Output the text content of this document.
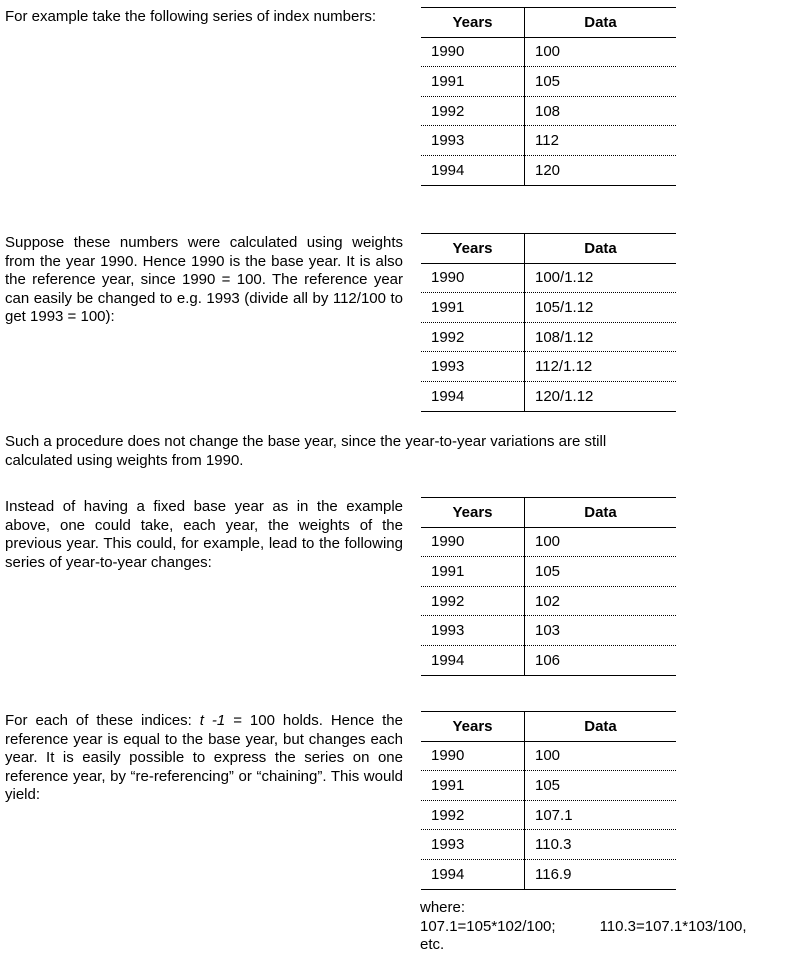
For example take the following series of index numbers:	Years	Data
1990	100
1991	105
1992	108
1993	112
1994	120

Suppose these numbers were calculated using weights from the year 1990. Hence 1990 is the base year. It is also the reference year, since 1990 = 100. The reference year can easily be changed to e.g. 1993 (divide all by 112/100 to get 1993 = 100):

Years	Data
1990	100/1.12
1991	105/1.12
1992	108/1.12
1993	112/1.12
1994	120/1.12

Such a procedure does not change the base year, since the year-to-year variations are still calculated using weights from 1990.

Instead of having a fixed base year as in the example above, one could take, each year, the weights of the previous year. This could, for example, lead to the following series of year-to-year changes:

Years	Data
1990	100
1991	105
1992	102
1993	103
1994	106

For each of these indices: t -1 = 100 holds. Hence the reference year is equal to the base year, but changes each year. It is easily possible to express the series on one reference year, by “re-referencing” or “chaining”. This would yield:

Years	Data
1990	100
1991	105
1992	107.1
1993	110.3
1994	116.9
where:
107.1=105*102/100;	110.3=107.1*103/100,
etc.
